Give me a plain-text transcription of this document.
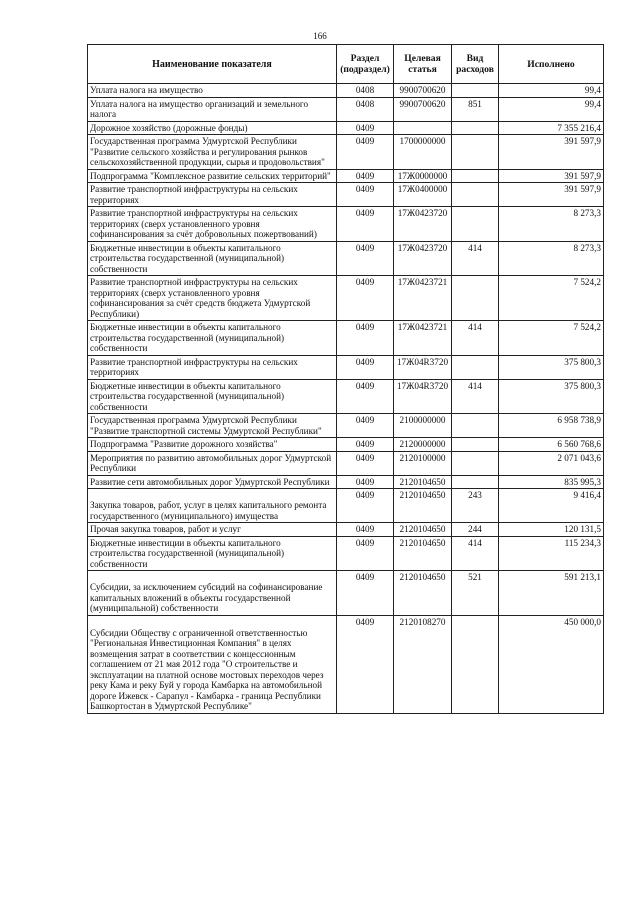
166
Наименование показателя	Раздел (подраздел)	Целевая статья	Вид расходов	Исполнено
Уплата налога на имущество	0408	9900700620		99,4
Уплата налога на имущество организаций и земельного налога	0408	9900700620	851	99,4
Дорожное хозяйство (дорожные фонды)	0409			7 355 216,4
Государственная программа Удмуртской Республики "Развитие сельского хозяйства и регулирования рынков сельскохозяйственной продукции, сырья и продовольствия"	0409	1700000000		391 597,9
Подпрограмма "Комплексное развитие сельских территорий"	0409	17Ж0000000		391 597,9
Развитие транспортной инфраструктуры на сельских территориях	0409	17Ж0400000		391 597,9
Развитие транспортной инфраструктуры на сельских территориях (сверх установленного уровня софинансирования за счёт добровольных пожертвований)	0409	17Ж0423720		8 273,3
Бюджетные инвестиции в объекты капитального строительства государственной (муниципальной) собственности	0409	17Ж0423720	414	8 273,3
Развитие транспортной инфраструктуры на сельских территориях (сверх установленного уровня софинансирования за счёт средств бюджета Удмуртской Республики)	0409	17Ж0423721		7 524,2
Бюджетные инвестиции в объекты капитального строительства государственной (муниципальной) собственности	0409	17Ж0423721	414	7 524,2
Развитие транспортной инфраструктуры на сельских территориях	0409	17Ж04R3720		375 800,3
Бюджетные инвестиции в объекты капитального строительства государственной (муниципальной) собственности	0409	17Ж04R3720	414	375 800,3
Государственная программа Удмуртской Республики "Развитие транспортной системы Удмуртской Республики"	0409	2100000000		6 958 738,9
Подпрограмма "Развитие дорожного хозяйства"	0409	2120000000		6 560 768,6
Мероприятия по развитию автомобильных дорог Удмуртской Республики	0409	2120100000		2 071 043,6
Развитие сети автомобильных дорог Удмуртской Республики	0409	2120104650		835 995,3
Закупка товаров, работ, услуг в целях капитального ремонта государственного (муниципального) имущества	0409	2120104650	243	9 416,4
Прочая закупка товаров, работ и услуг	0409	2120104650	244	120 131,5
Бюджетные инвестиции в объекты капитального строительства государственной (муниципальной) собственности	0409	2120104650	414	115 234,3
Субсидии, за исключением субсидий на софинансирование капитальных вложений в объекты государственной (муниципальной) собственности	0409	2120104650	521	591 213,1
Субсидии Обществу с ограниченной ответственностью "Региональная Инвестиционная Компания" в целях возмещения затрат в соответствии с концессионным соглашением от 21 мая 2012 года "О строительстве и эксплуатации на платной основе мостовых переходов через реку Кама и реку Буй у города Камбарка на автомобильной дороге Ижевск - Сарапул - Камбарка - граница Республики Башкортостан в Удмуртской Республике"	0409	2120108270		450 000,0
